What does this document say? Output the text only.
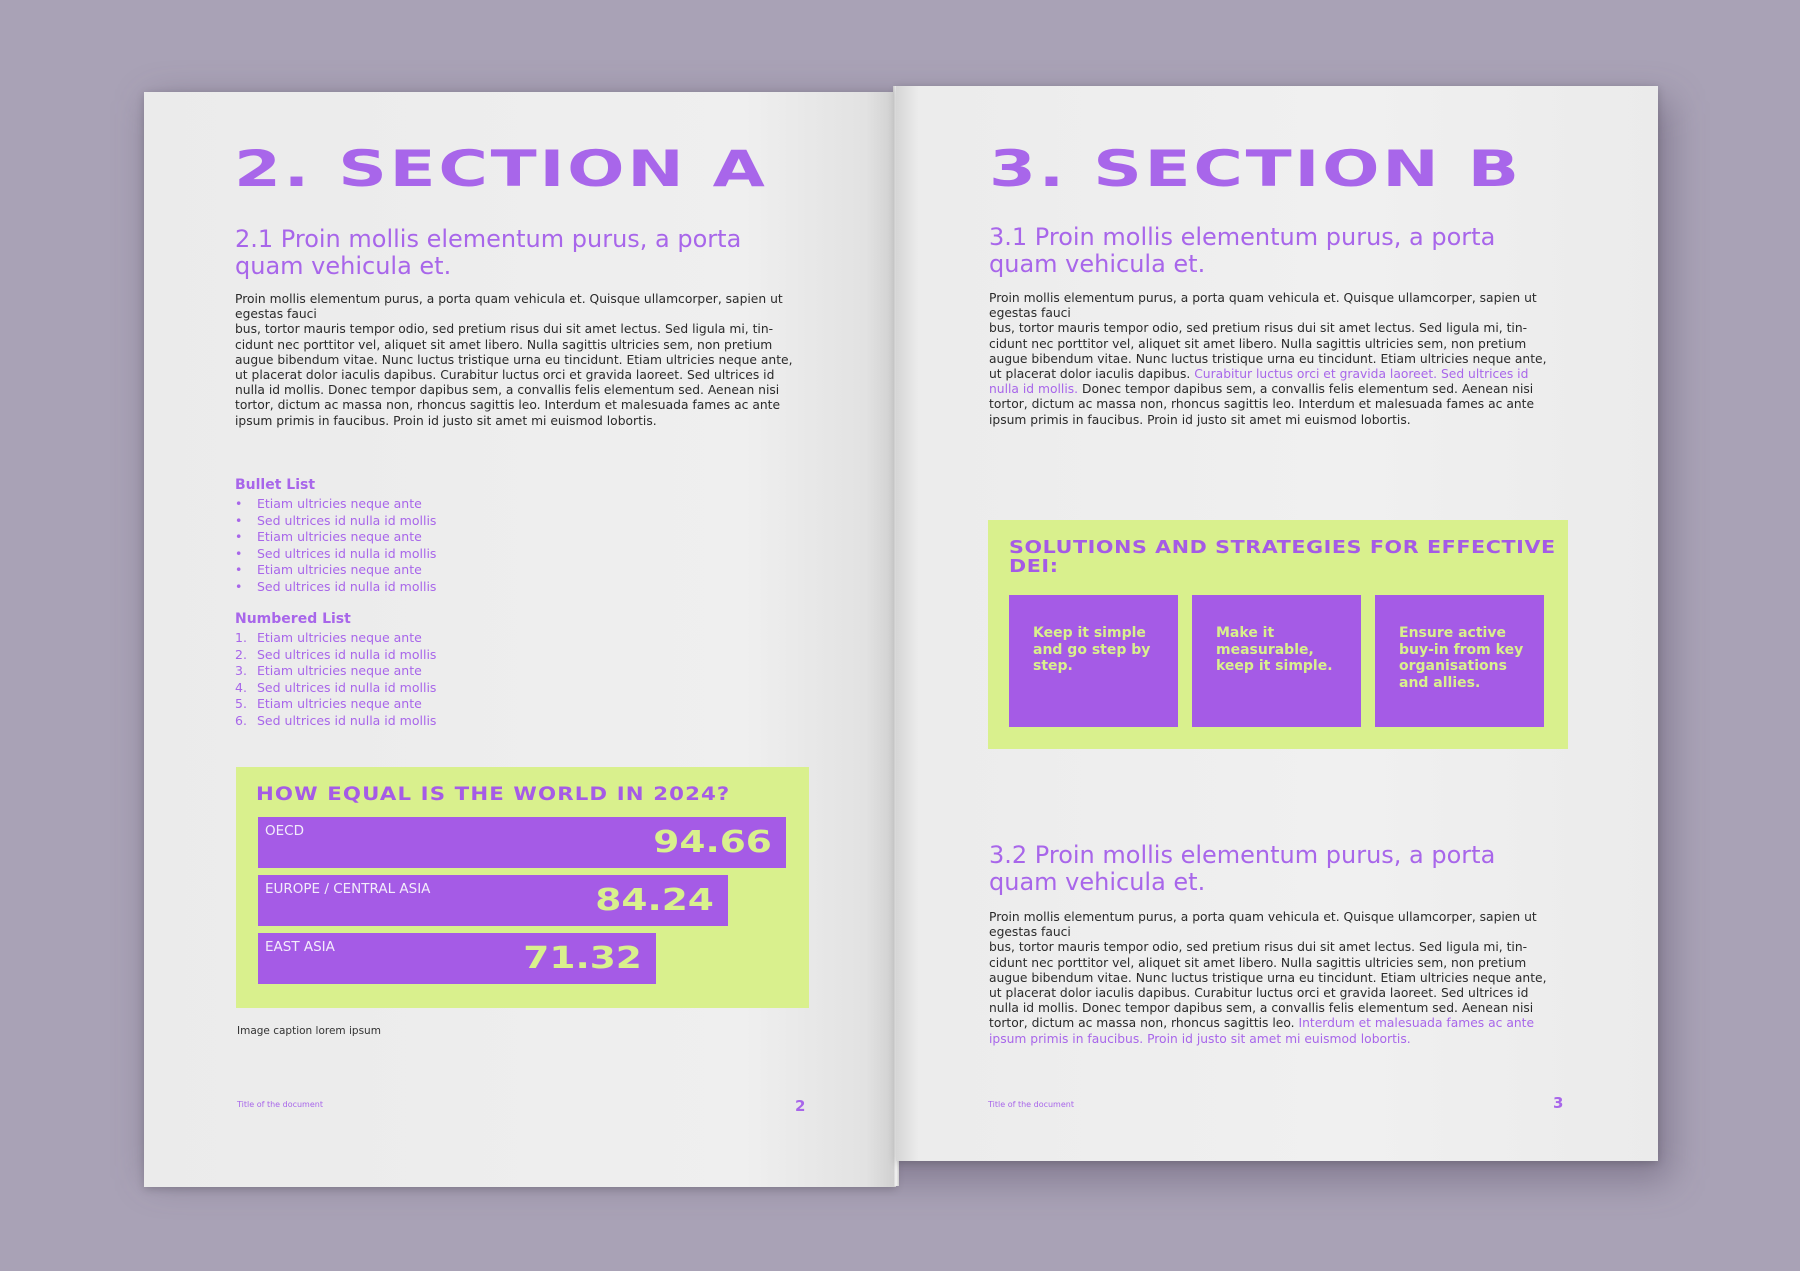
2. SECTION A
2.1 Proin mollis elementum purus, a porta quam vehicula et.
Proin mollis elementum purus, a porta quam vehicula et. Quisque ullamcorper, sapien ut
egestas fauci
bus, tortor mauris tempor odio, sed pretium risus dui sit amet lectus. Sed ligula mi, tin-
cidunt nec porttitor vel, aliquet sit amet libero. Nulla sagittis ultricies sem, non pretium
augue bibendum vitae. Nunc luctus tristique urna eu tincidunt. Etiam ultricies neque ante,
ut placerat dolor iaculis dapibus. Curabitur luctus orci et gravida laoreet. Sed ultrices id
nulla id mollis. Donec tempor dapibus sem, a convallis felis elementum sed. Aenean nisi
tortor, dictum ac massa non, rhoncus sagittis leo. Interdum et malesuada fames ac ante
ipsum primis in faucibus. Proin id justo sit amet mi euismod lobortis.
Bullet List
• Etiam ultricies neque ante
• Sed ultrices id nulla id mollis
• Etiam ultricies neque ante
• Sed ultrices id nulla id mollis
• Etiam ultricies neque ante
• Sed ultrices id nulla id mollis
Numbered List
1. Etiam ultricies neque ante
2. Sed ultrices id nulla id mollis
3. Etiam ultricies neque ante
4. Sed ultrices id nulla id mollis
5. Etiam ultricies neque ante
6. Sed ultrices id nulla id mollis
HOW EQUAL IS THE WORLD IN 2024?
OECD	94.66
EUROPE / CENTRAL ASIA	84.24
EAST ASIA	71.32
Image caption lorem ipsum
Title of the document	2
3. SECTION B
3.1 Proin mollis elementum purus, a porta quam vehicula et.
Proin mollis elementum purus, a porta quam vehicula et. Quisque ullamcorper, sapien ut
egestas fauci
bus, tortor mauris tempor odio, sed pretium risus dui sit amet lectus. Sed ligula mi, tin-
cidunt nec porttitor vel, aliquet sit amet libero. Nulla sagittis ultricies sem, non pretium
augue bibendum vitae. Nunc luctus tristique urna eu tincidunt. Etiam ultricies neque ante,
ut placerat dolor iaculis dapibus. Curabitur luctus orci et gravida laoreet. Sed ultrices id
nulla id mollis. Donec tempor dapibus sem, a convallis felis elementum sed. Aenean nisi
tortor, dictum ac massa non, rhoncus sagittis leo. Interdum et malesuada fames ac ante
ipsum primis in faucibus. Proin id justo sit amet mi euismod lobortis.
SOLUTIONS AND STRATEGIES FOR EFFECTIVE DEI:
Keep it simple and go step by step.
Make it measurable, keep it simple.
Ensure active buy-in from key organisations and allies.
3.2 Proin mollis elementum purus, a porta quam vehicula et.
Proin mollis elementum purus, a porta quam vehicula et. Quisque ullamcorper, sapien ut
egestas fauci
bus, tortor mauris tempor odio, sed pretium risus dui sit amet lectus. Sed ligula mi, tin-
cidunt nec porttitor vel, aliquet sit amet libero. Nulla sagittis ultricies sem, non pretium
augue bibendum vitae. Nunc luctus tristique urna eu tincidunt. Etiam ultricies neque ante,
ut placerat dolor iaculis dapibus. Curabitur luctus orci et gravida laoreet. Sed ultrices id
nulla id mollis. Donec tempor dapibus sem, a convallis felis elementum sed. Aenean nisi
tortor, dictum ac massa non, rhoncus sagittis leo. Interdum et malesuada fames ac ante
ipsum primis in faucibus. Proin id justo sit amet mi euismod lobortis.
Title of the document	3
